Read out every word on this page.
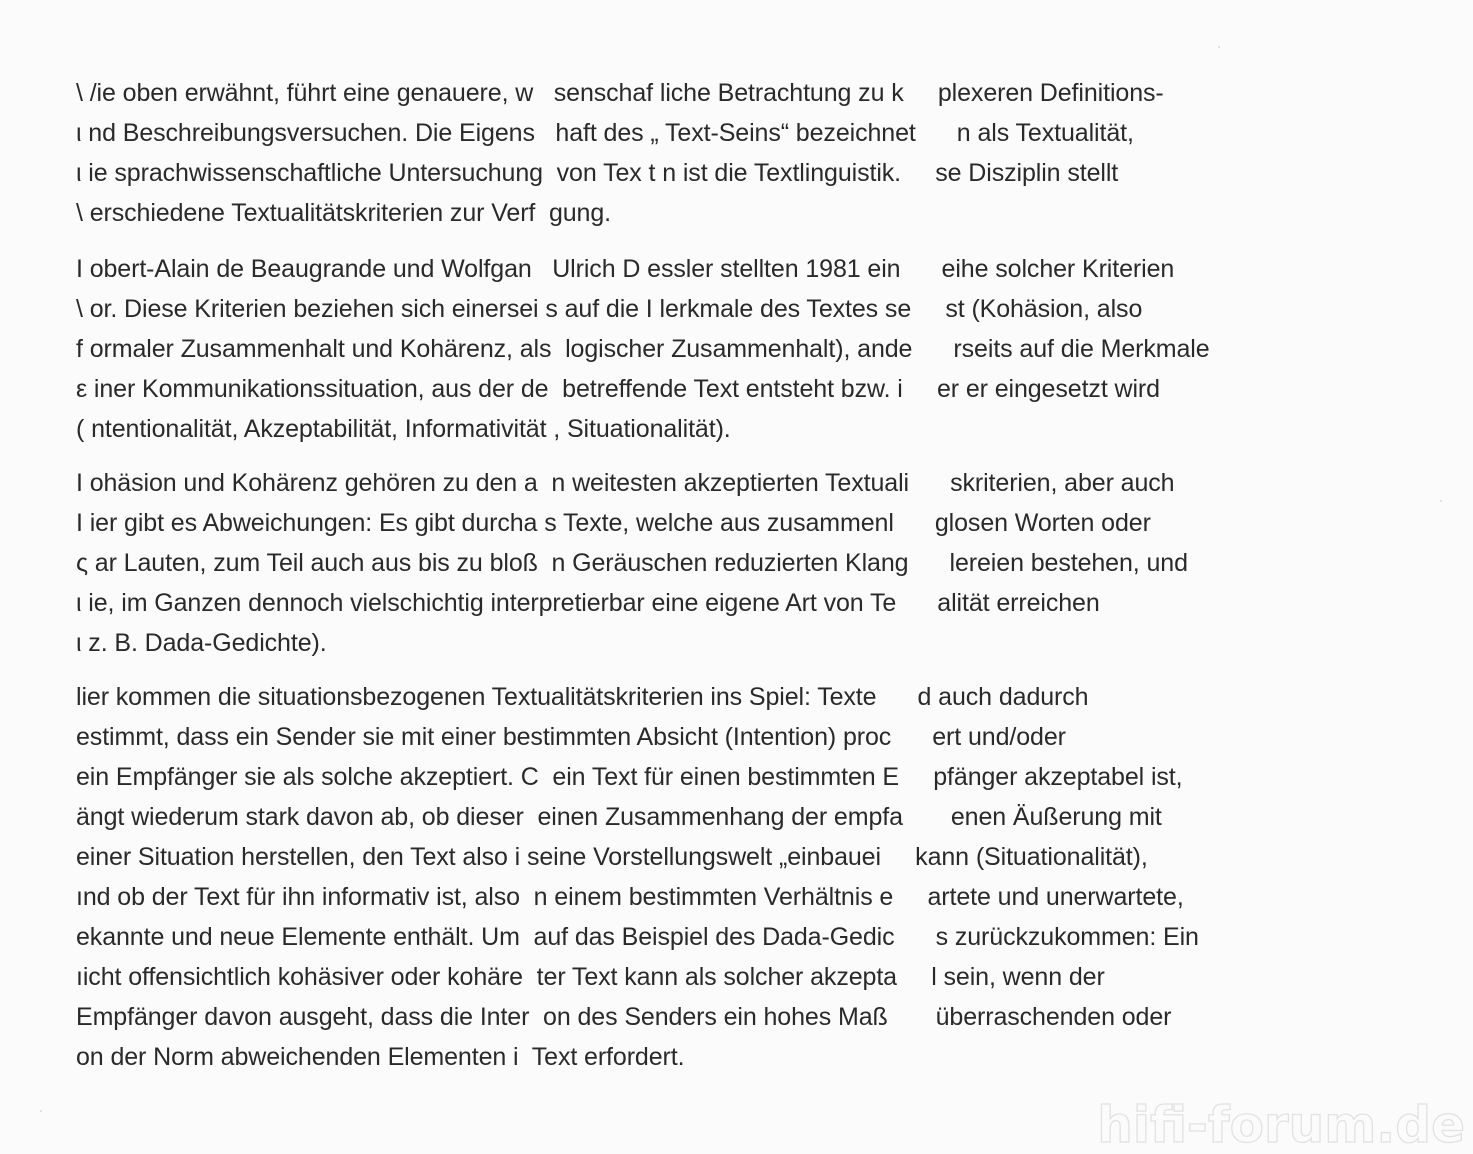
\ /ie oben erwähnt, führt eine genauere, w   senschaf liche Betrachtung zu k     plexeren Definitions-
ι nd Beschreibungsversuchen. Die Eigens   haft des „ Text-Seins“ bezeichnet      n als Textualität,
ι ie sprachwissenschaftliche Untersuchung  von Tex t n ist die Textlinguistik.     se Disziplin stellt
\ erschiedene Textualitätskriterien zur Verf  gung.
I obert-Alain de Beaugrande und Wolfgan   Ulrich D essler stellten 1981 ein      eihe solcher Kriterien
\ or. Diese Kriterien beziehen sich einersei s auf die I lerkmale des Textes se     st (Kohäsion, also
f ormaler Zusammenhalt und Kohärenz, als  logischer Zusammenhalt), ande      rseits auf die Merkmale
ε iner Kommunikationssituation, aus der de  betreffende Text entsteht bzw. i     er er eingesetzt wird
( ntentionalität, Akzeptabilität, Informativität , Situationalität).
I ohäsion und Kohärenz gehören zu den a  n weitesten akzeptierten Textuali      skriterien, aber auch
I ier gibt es Abweichungen: Es gibt durcha s Texte, welche aus zusammenl      glosen Worten oder
ς ar Lauten, zum Teil auch aus bis zu bloß  n Geräuschen reduzierten Klang      lereien bestehen, und
ι ie, im Ganzen dennoch vielschichtig interpretierbar eine eigene Art von Te      alität erreichen
ι z. B. Dada-Gedichte).
lier kommen die situationsbezogenen Textualitätskriterien ins Spiel: Texte      d auch dadurch
estimmt, dass ein Sender sie mit einer bestimmten Absicht (Intention) proc      ert und/oder
ein Empfänger sie als solche akzeptiert. C  ein Text für einen bestimmten E     pfänger akzeptabel ist,
ängt wiederum stark davon ab, ob dieser  einen Zusammenhang der empfa       enen Äußerung mit
einer Situation herstellen, den Text also i seine Vorstellungswelt „einbauei     kann (Situationalität),
ınd ob der Text für ihn informativ ist, also  n einem bestimmten Verhältnis e     artete und unerwartete,
ekannte und neue Elemente enthält. Um  auf das Beispiel des Dada-Gedic      s zurückzukommen: Ein
ıicht offensichtlich kohäsiver oder kohäre  ter Text kann als solcher akzepta     l sein, wenn der
Empfänger davon ausgeht, dass die Inter  on des Senders ein hohes Maß       überraschenden oder
on der Norm abweichenden Elementen i  Text erfordert.
hifi-forum.de
